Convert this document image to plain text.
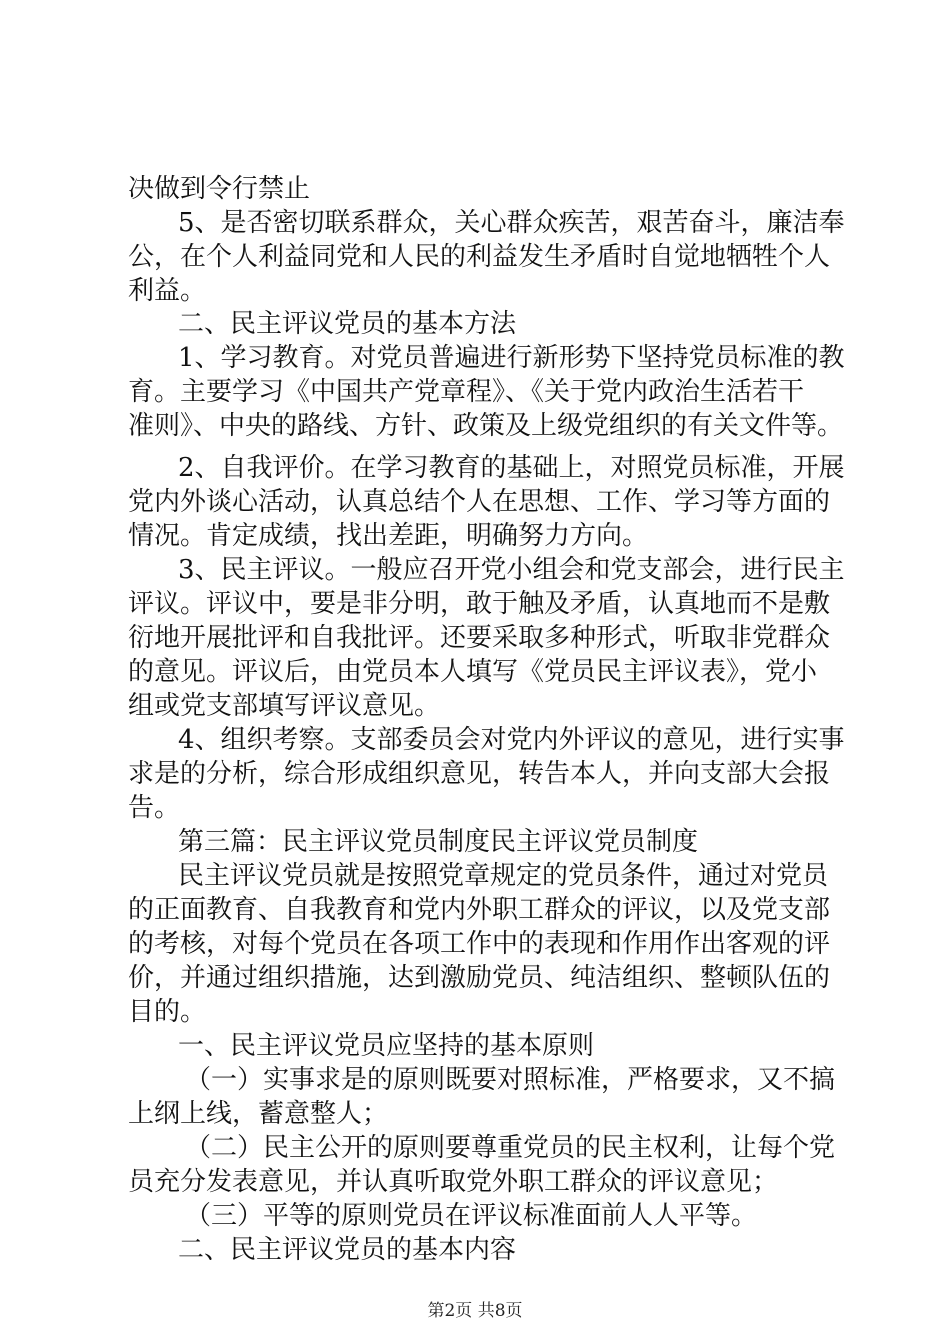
决做到令行禁止
5、是否密切联系群众，关心群众疾苦，艰苦奋斗，廉洁奉
公，在个人利益同党和人民的利益发生矛盾时自觉地牺牲个人
利益。
二、民主评议党员的基本方法
1、学习教育。对党员普遍进行新形势下坚持党员标准的教
育。主要学习《中国共产党章程》、《关于党内政治生活若干
准则》、中央的路线、方针、政策及上级党组织的有关文件等。
2、自我评价。在学习教育的基础上，对照党员标准，开展
党内外谈心活动，认真总结个人在思想、工作、学习等方面的
情况。肯定成绩，找出差距，明确努力方向。
3、民主评议。一般应召开党小组会和党支部会，进行民主
评议。评议中，要是非分明，敢于触及矛盾，认真地而不是敷
衍地开展批评和自我批评。还要采取多种形式，听取非党群众
的意见。评议后，由党员本人填写《党员民主评议表》，党小
组或党支部填写评议意见。
4、组织考察。支部委员会对党内外评议的意见，进行实事
求是的分析，综合形成组织意见，转告本人，并向支部大会报
告。
第三篇：民主评议党员制度民主评议党员制度
民主评议党员就是按照党章规定的党员条件，通过对党员
的正面教育、自我教育和党内外职工群众的评议，以及党支部
的考核，对每个党员在各项工作中的表现和作用作出客观的评
价，并通过组织措施，达到激励党员、纯洁组织、整顿队伍的
目的。
一、民主评议党员应坚持的基本原则
（一）实事求是的原则既要对照标准，严格要求，又不搞
上纲上线，蓄意整人；
（二）民主公开的原则要尊重党员的民主权利，让每个党
员充分发表意见，并认真听取党外职工群众的评议意见；
（三）平等的原则党员在评议标准面前人人平等。
二、民主评议党员的基本内容
第2页 共8页
